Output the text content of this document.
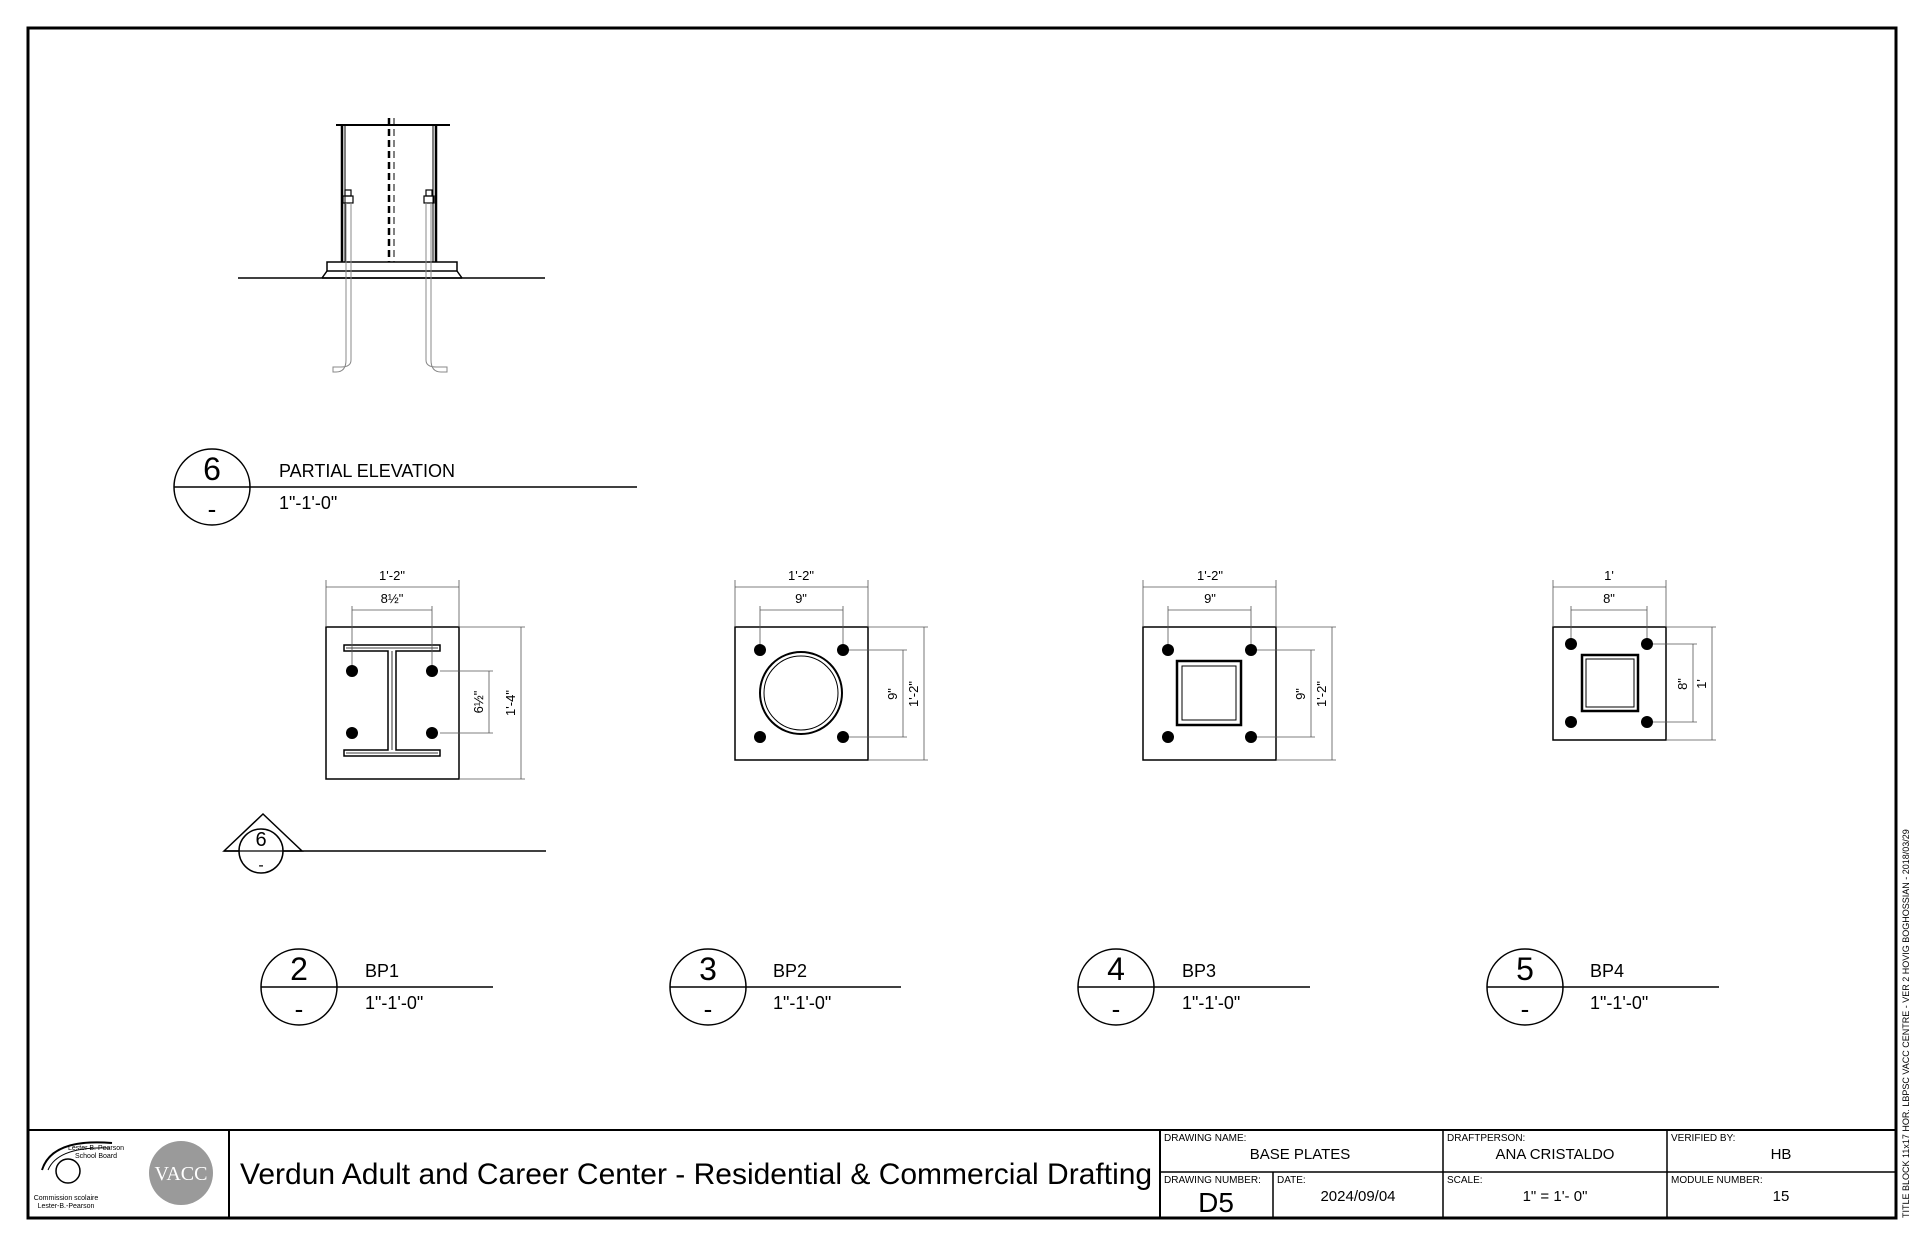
6
-
PARTIAL ELEVATION
1"-1'-0"
1'-2"
8½"
6½" 1'-4"
1'-2"
9"
9" 1'-2"
1'-2"
9"
9" 1'-2"
1'
8"
8" 1'
6
-
2
-
BP1
1"-1'-0"
3
-
BP2
1"-1'-0"
4
-
BP3
1"-1'-0"
5
-
BP4
1"-1'-0"
Lester B. Pearson
School Board
Commission scolaire
Lester-B.-Pearson
VACC Verdun Adult and Career Center - Residential & Commercial Drafting
DRAWING NAME:
BASE PLATES
DRAFTPERSON:
ANA CRISTALDO
VERIFIED BY:
HB
DRAWING NUMBER:
D5
DATE:
2024/09/04
SCALE:
1" = 1'- 0"
MODULE NUMBER:
15	TITLE BLOCK 11x17 HOR. LBPSC VACC CENTRE - VER 2 HOVIG BOGHOSSIAN - 2018/03/29
